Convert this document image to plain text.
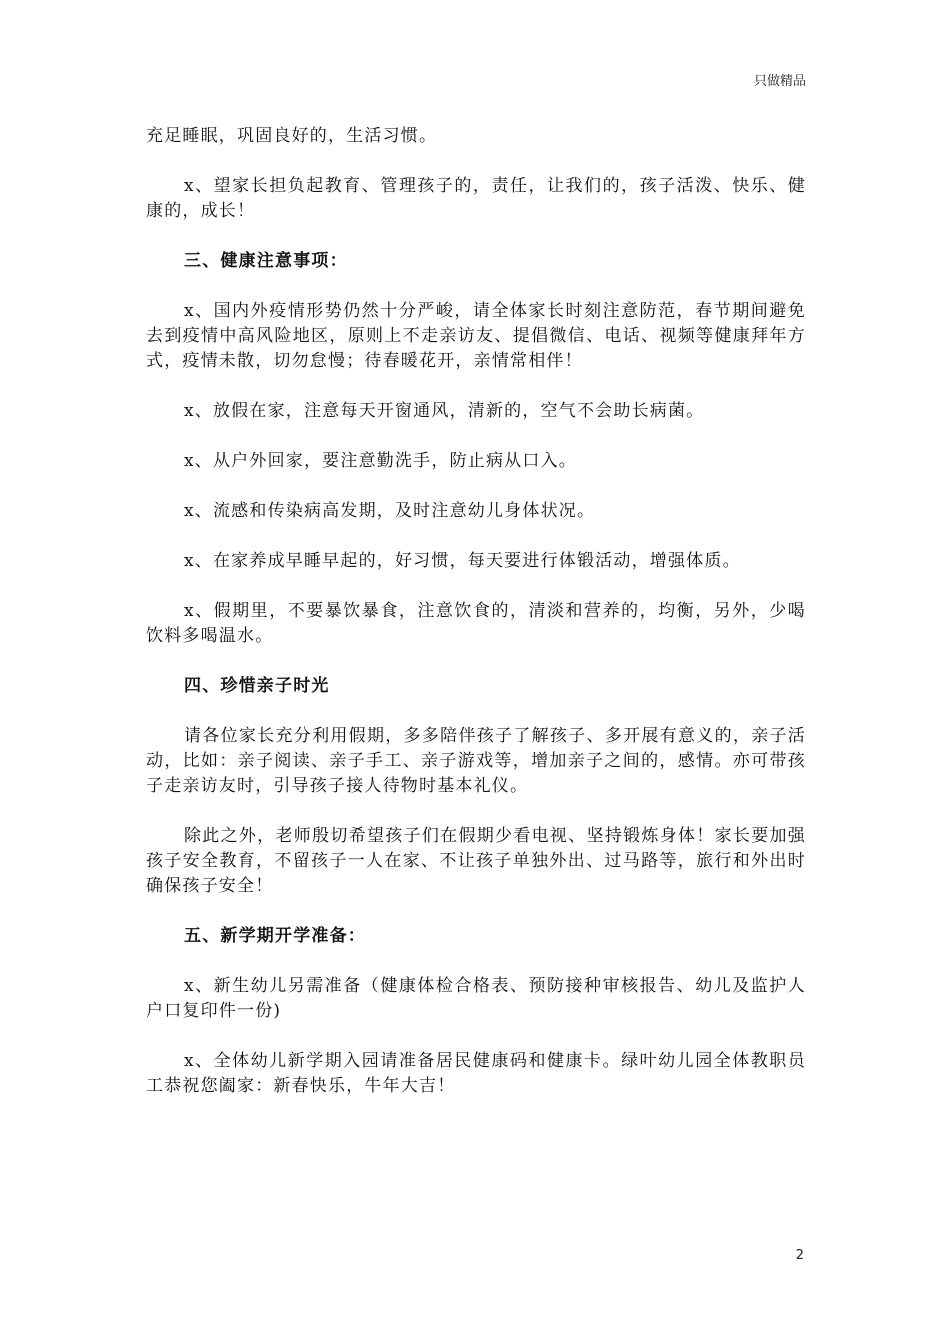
只做精品

充足睡眠，巩固良好的，生活习惯。

x、望家长担负起教育、管理孩子的，责任，让我们的，孩子活泼、快乐、健康的，成长！

三、健康注意事项：

x、国内外疫情形势仍然十分严峻，请全体家长时刻注意防范，春节期间避免去到疫情中高风险地区，原则上不走亲访友、提倡微信、电话、视频等健康拜年方式，疫情未散，切勿怠慢；待春暖花开，亲情常相伴！

x、放假在家，注意每天开窗通风，清新的，空气不会助长病菌。

x、从户外回家，要注意勤洗手，防止病从口入。

x、流感和传染病高发期，及时注意幼儿身体状况。

x、在家养成早睡早起的，好习惯，每天要进行体锻活动，增强体质。

x、假期里，不要暴饮暴食，注意饮食的，清淡和营养的，均衡，另外，少喝饮料多喝温水。

四、珍惜亲子时光

请各位家长充分利用假期，多多陪伴孩子了解孩子、多开展有意义的，亲子活动，比如：亲子阅读、亲子手工、亲子游戏等，增加亲子之间的，感情。亦可带孩子走亲访友时，引导孩子接人待物时基本礼仪。

除此之外，老师殷切希望孩子们在假期少看电视、坚持锻炼身体！家长要加强孩子安全教育，不留孩子一人在家、不让孩子单独外出、过马路等，旅行和外出时确保孩子安全！

五、新学期开学准备：

x、新生幼儿另需准备（健康体检合格表、预防接种审核报告、幼儿及监护人户口复印件一份)

x、全体幼儿新学期入园请准备居民健康码和健康卡。绿叶幼儿园全体教职员工恭祝您阖家：新春快乐，牛年大吉！

2
